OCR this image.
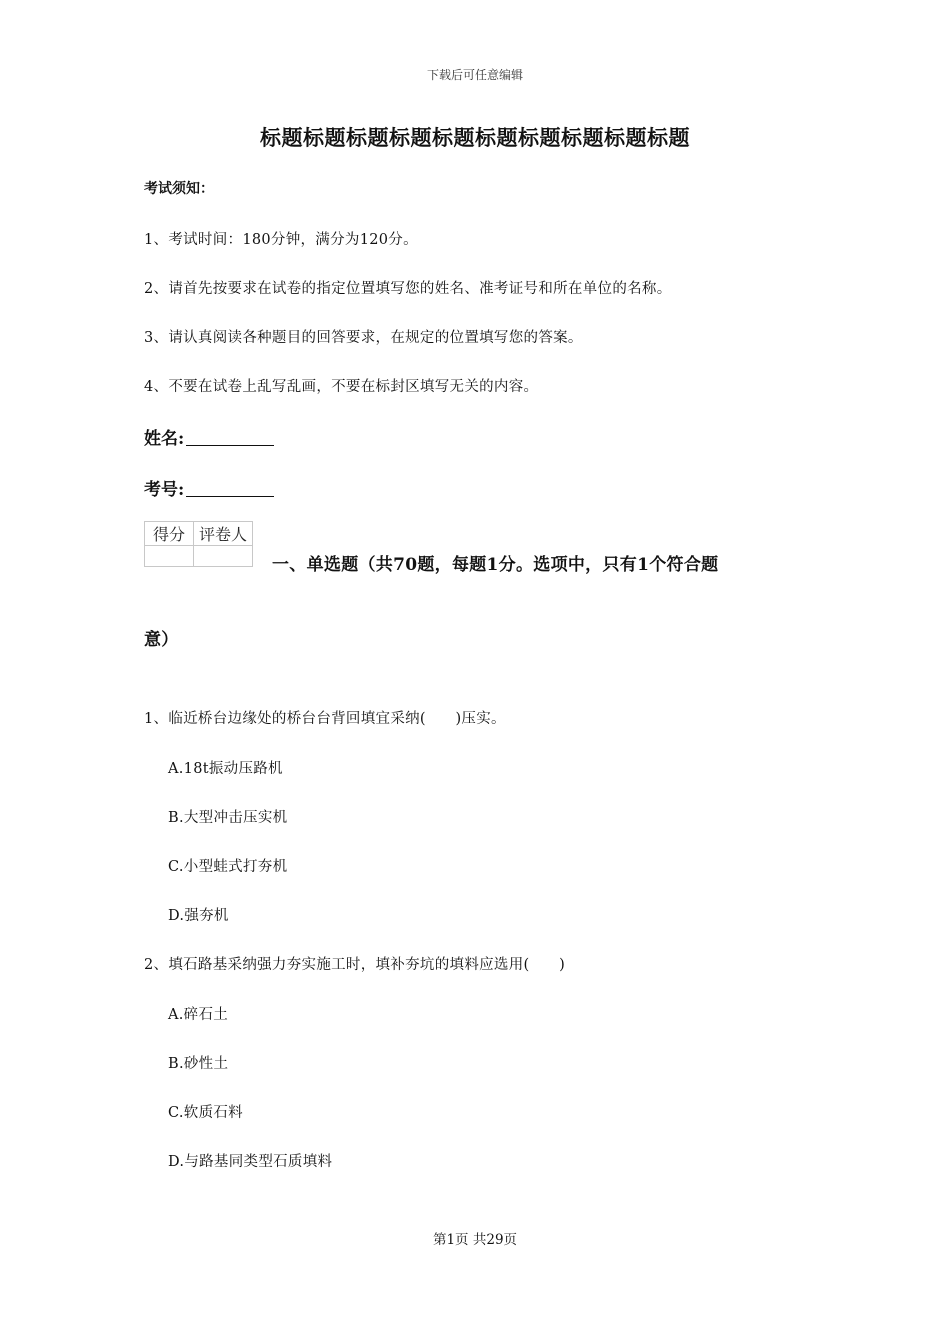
下载后可任意编辑
标题标题标题标题标题标题标题标题标题标题
考试须知：
1、考试时间：180分钟，满分为120分。
2、请首先按要求在试卷的指定位置填写您的姓名、准考证号和所在单位的名称。
3、请认真阅读各种题目的回答要求，在规定的位置填写您的答案。
4、不要在试卷上乱写乱画，不要在标封区填写无关的内容。
姓名:
考号:
得分	评卷人

一、单选题（共70题，每题1分。选项中，只有1个符合题
意）
1、临近桥台边缘处的桥台台背回填宜采纳(　　)压实。
A.18t振动压路机
B.大型冲击压实机
C.小型蛙式打夯机
D.强夯机
2、填石路基采纳强力夯实施工时，填补夯坑的填料应选用(　　)
A.碎石土
B.砂性土
C.软质石料
D.与路基同类型石质填料
第1页 共29页
